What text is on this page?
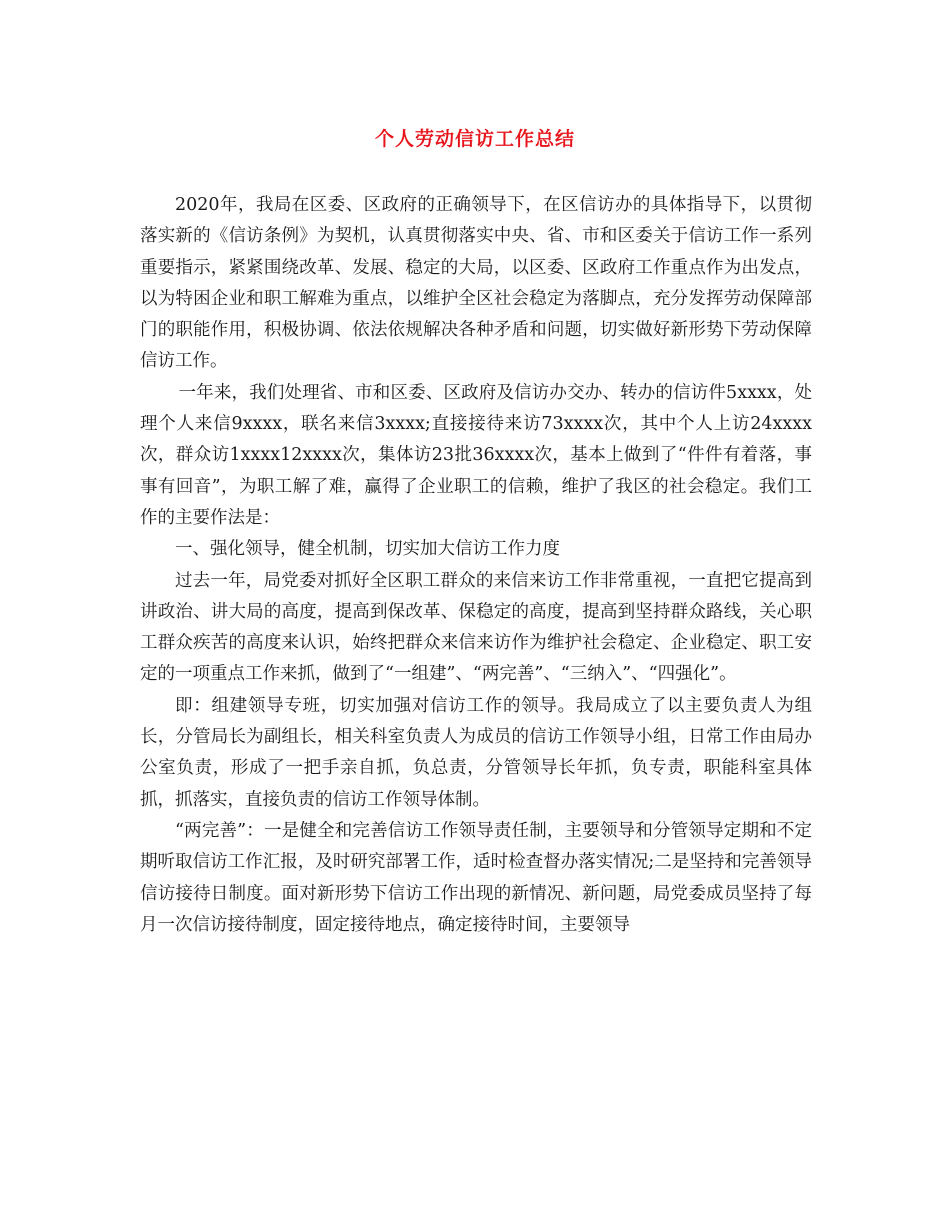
个人劳动信访工作总结

2020年，我局在区委、区政府的正确领导下，在区信访办的具体指导下，以贯彻落实新的《信访条例》为契机，认真贯彻落实中央、省、市和区委关于信访工作一系列重要指示，紧紧围绕改革、发展、稳定的大局，以区委、区政府工作重点作为出发点，以为特困企业和职工解难为重点，以维护全区社会稳定为落脚点，充分发挥劳动保障部门的职能作用，积极协调、依法依规解决各种矛盾和问题，切实做好新形势下劳动保障信访工作。

一年来，我们处理省、市和区委、区政府及信访办交办、转办的信访件5xxxx，处理个人来信9xxxx，联名来信3xxxx;直接接待来访73xxxx次，其中个人上访24xxxx次，群众访1xxxx12xxxx次，集体访23批36xxxx次，基本上做到了“件件有着落，事事有回音”，为职工解了难，赢得了企业职工的信赖，维护了我区的社会稳定。我们工作的主要作法是：

一、强化领导，健全机制，切实加大信访工作力度

过去一年，局党委对抓好全区职工群众的来信来访工作非常重视，一直把它提高到讲政治、讲大局的高度，提高到保改革、保稳定的高度，提高到坚持群众路线，关心职工群众疾苦的高度来认识，始终把群众来信来访作为维护社会稳定、企业稳定、职工安定的一项重点工作来抓，做到了“一组建”、“两完善”、“三纳入”、“四强化”。

即：组建领导专班，切实加强对信访工作的领导。我局成立了以主要负责人为组长，分管局长为副组长，相关科室负责人为成员的信访工作领导小组，日常工作由局办公室负责，形成了一把手亲自抓，负总责，分管领导长年抓，负专责，职能科室具体抓，抓落实，直接负责的信访工作领导体制。

“两完善”：一是健全和完善信访工作领导责任制，主要领导和分管领导定期和不定期听取信访工作汇报，及时研究部署工作，适时检查督办落实情况;二是坚持和完善领导信访接待日制度。面对新形势下信访工作出现的新情况、新问题，局党委成员坚持了每月一次信访接待制度，固定接待地点，确定接待时间，主要领导
